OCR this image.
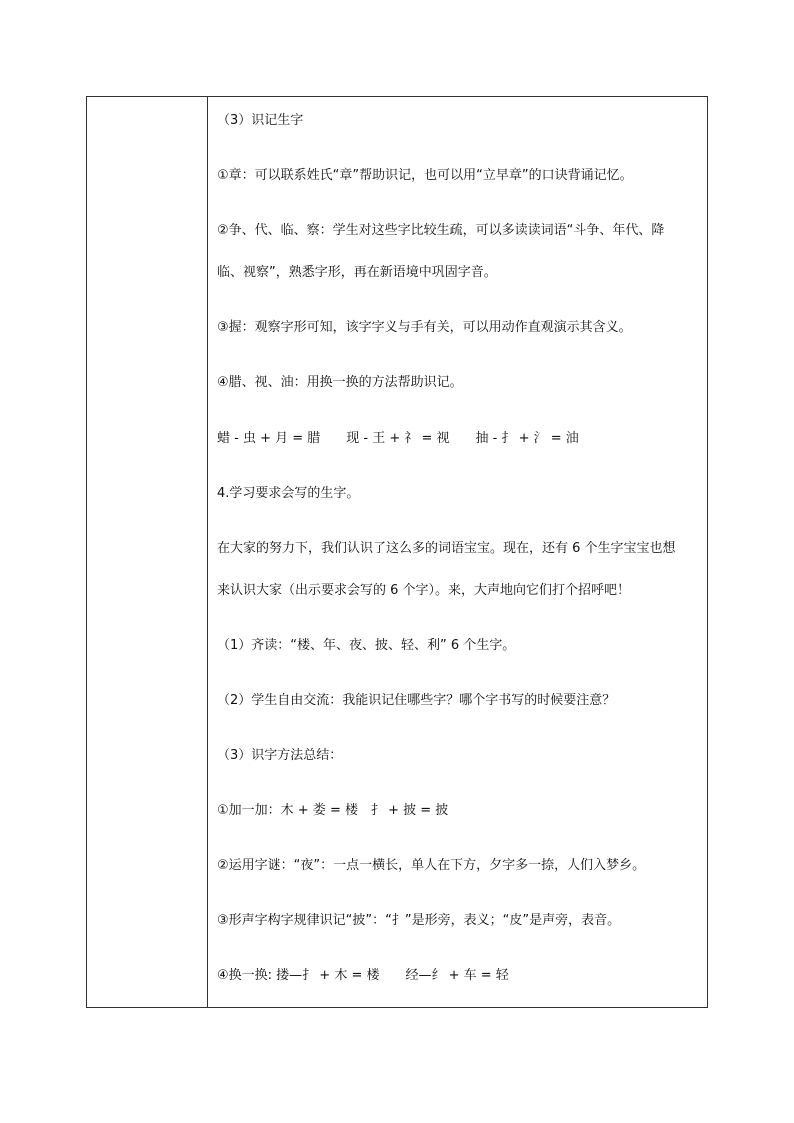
（3）识记生字
①章：可以联系姓氏“章”帮助识记，也可以用“立早章”的口诀背诵记忆。
②争、代、临、察：学生对这些字比较生疏，可以多读读词语“斗争、年代、降
临、视察”，熟悉字形，再在新语境中巩固字音。
③握：观察字形可知，该字字义与手有关，可以用动作直观演示其含义。
④腊、视、油：用换一换的方法帮助识记。
蜡 - 虫 + 月 = 腊　　现 - 王 + 礻 = 视　　抽 - 扌 + 氵 = 油
4.学习要求会写的生字。
在大家的努力下，我们认识了这么多的词语宝宝。现在，还有 6 个生字宝宝也想
来认识大家（出示要求会写的 6 个字）。来，大声地向它们打个招呼吧！
（1）齐读：“楼、年、夜、披、轻、利” 6 个生字。
（2）学生自由交流：我能识记住哪些字？哪个字书写的时候要注意？
（3）识字方法总结：
①加一加：木 + 娄 = 楼　扌 + 披 = 披
②运用字谜：“夜”：一点一横长，单人在下方，夕字多一捺，人们入梦乡。
③形声字构字规律识记“披”：“扌”是形旁，表义；“皮”是声旁，表音。
④换一换: 搂—扌 + 木 = 楼　　经—纟 + 车 = 轻
